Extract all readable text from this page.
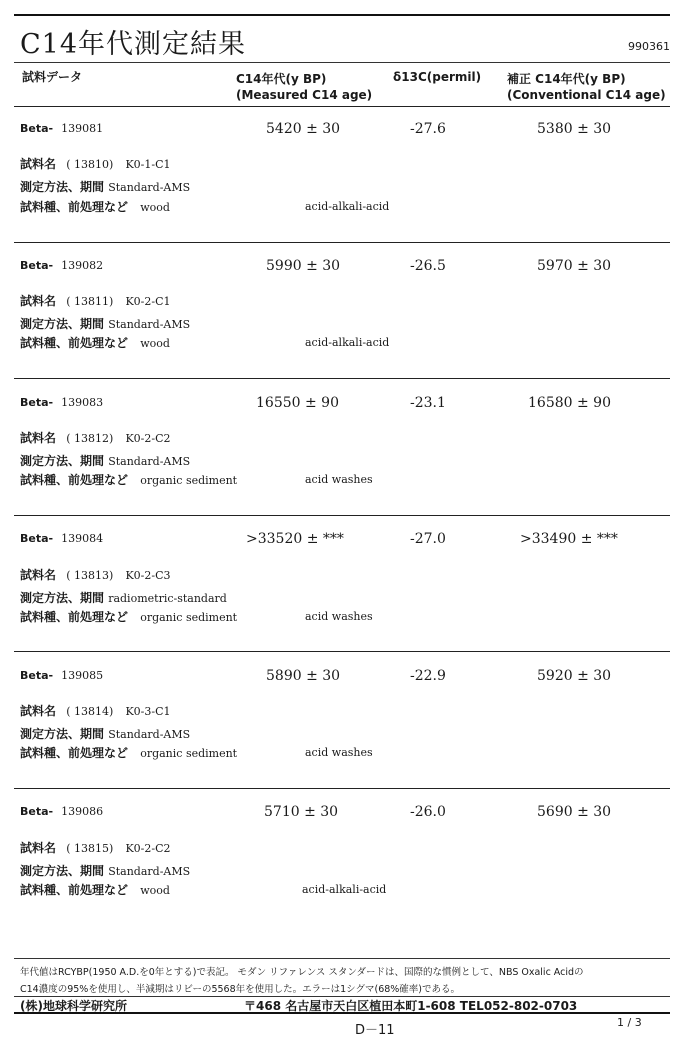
C14年代測定結果	990361
試料データ	C14年代(y BP)
(Measured C14 age)
δ13C(permil) 補正 C14年代(y BP)
(Conventional C14 age)
Beta- 139081	5420 ± 30	-27.6	5380 ± 30
試料名 ( 13810) K0-1-C1
測定方法、期間 Standard-AMS
試料種、前処理など wood	acid-alkali-acid
Beta- 139082	5990 ± 30	-26.5	5970 ± 30
試料名 ( 13811) K0-2-C1
測定方法、期間 Standard-AMS
試料種、前処理など wood	acid-alkali-acid
Beta- 139083	16550 ± 90	-23.1	16580 ± 90
試料名 ( 13812) K0-2-C2
測定方法、期間 Standard-AMS
試料種、前処理など organic sediment	acid washes
Beta- 139084	>33520 ± ***	-27.0	>33490 ± ***
試料名 ( 13813) K0-2-C3
測定方法、期間 radiometric-standard
試料種、前処理など organic sediment	acid washes
Beta- 139085	5890 ± 30	-22.9	5920 ± 30
試料名 ( 13814) K0-3-C1
測定方法、期間 Standard-AMS
試料種、前処理など organic sediment	acid washes
Beta- 139086	5710 ± 30	-26.0	5690 ± 30
試料名 ( 13815) K0-2-C2
測定方法、期間 Standard-AMS
試料種、前処理など wood	acid-alkali-acid
年代値はRCYBP(1950 A.D.を0年とする)で表記。 モダン リファレンス スタンダードは、国際的な慣例として、NBS Oxalic Acidの
C14濃度の95%を使用し、半減期はリビーの5568年を使用した。エラーは1シグマ(68%確率)である。
(株)地球科学研究所	〒468 名古屋市天白区植田本町1-608 TEL052-802-0703
D－11
1 / 3
